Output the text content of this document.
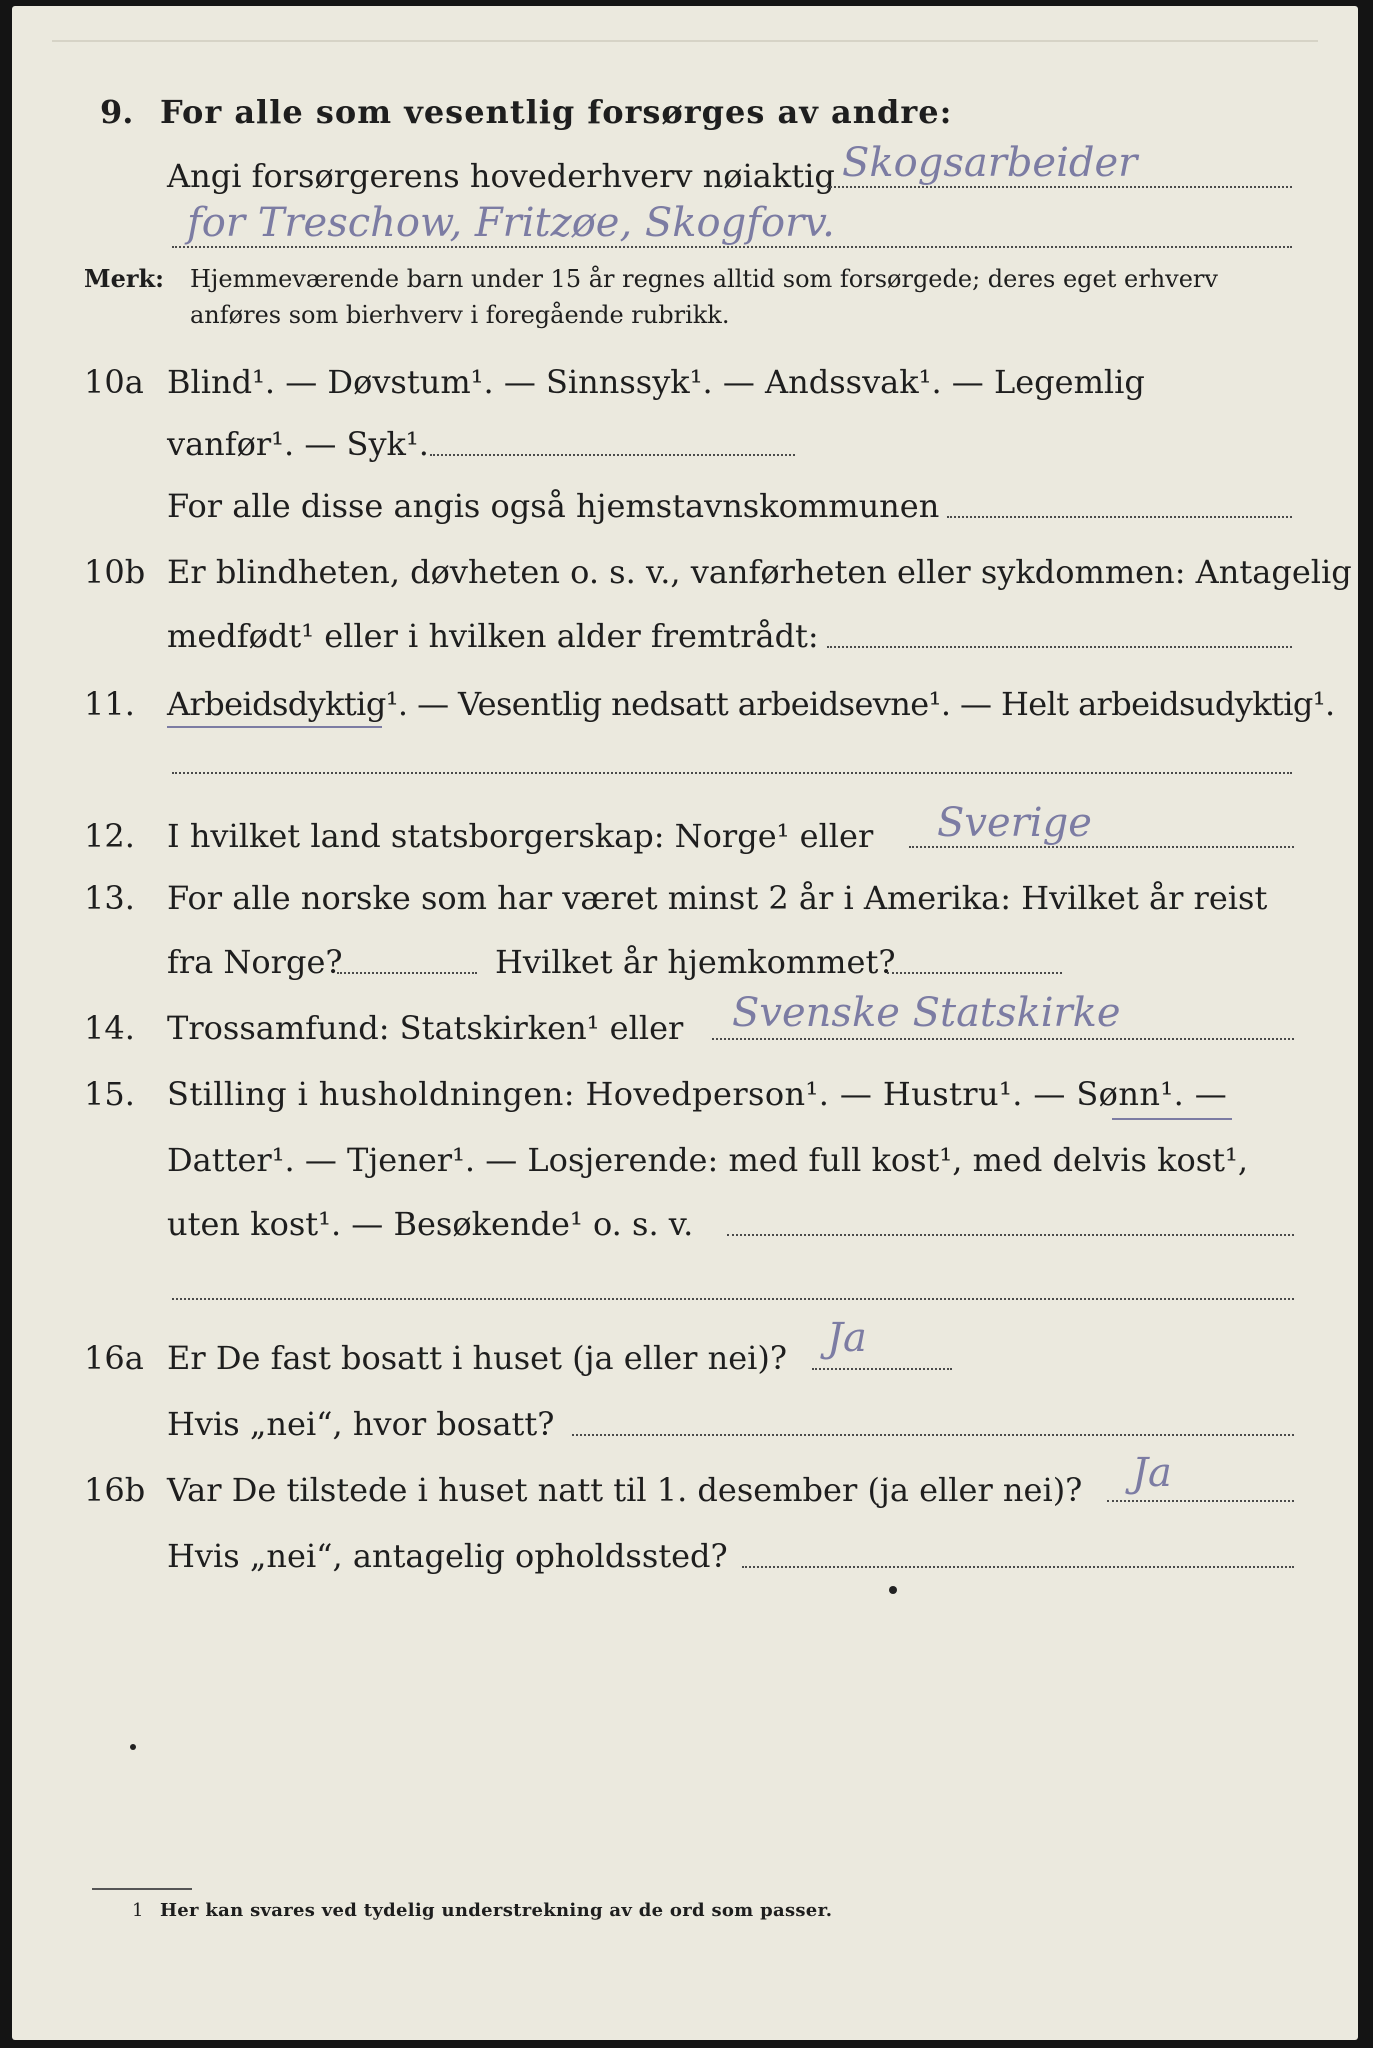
9. For alle som vesentlig forsørges av andre:
Angi forsørgerens hovederhverv nøiaktig Skogsarbeider
for Treschow, Fritzøe, Skogforv.
Merk: Hjemmeværende barn under 15 år regnes alltid som forsørgede; deres eget erhverv
anføres som bierhverv i foregående rubrikk.
10a Blind¹. — Døvstum¹. — Sinnssyk¹. — Andssvak¹. — Legemlig
vanfør¹. — Syk¹.
For alle disse angis også hjemstavnskommunen
10b Er blindheten, døvheten o. s. v., vanførheten eller sykdommen: Antagelig
medfødt¹ eller i hvilken alder fremtrådt:
11. Arbeidsdyktig¹. — Vesentlig nedsatt arbeidsevne¹. — Helt arbeidsudyktig¹.
12. I hvilket land statsborgerskap: Norge¹ eller Sverige
13. For alle norske som har været minst 2 år i Amerika: Hvilket år reist
fra Norge?	Hvilket år hjemkommet?
14. Trossamfund: Statskirken¹ eller Svenske Statskirke
15. Stilling i husholdningen: Hovedperson¹. — Hustru¹. — Sønn¹. —
Datter¹. — Tjener¹. — Losjerende: med full kost¹, med delvis kost¹,
uten kost¹. — Besøkende¹ o. s. v.
16a Er De fast bosatt i huset (ja eller nei)? Ja
Hvis „nei“, hvor bosatt?
16b Var De tilstede i huset natt til 1. desember (ja eller nei)? Ja
Hvis „nei“, antagelig opholdssted?
1 Her kan svares ved tydelig understrekning av de ord som passer.
